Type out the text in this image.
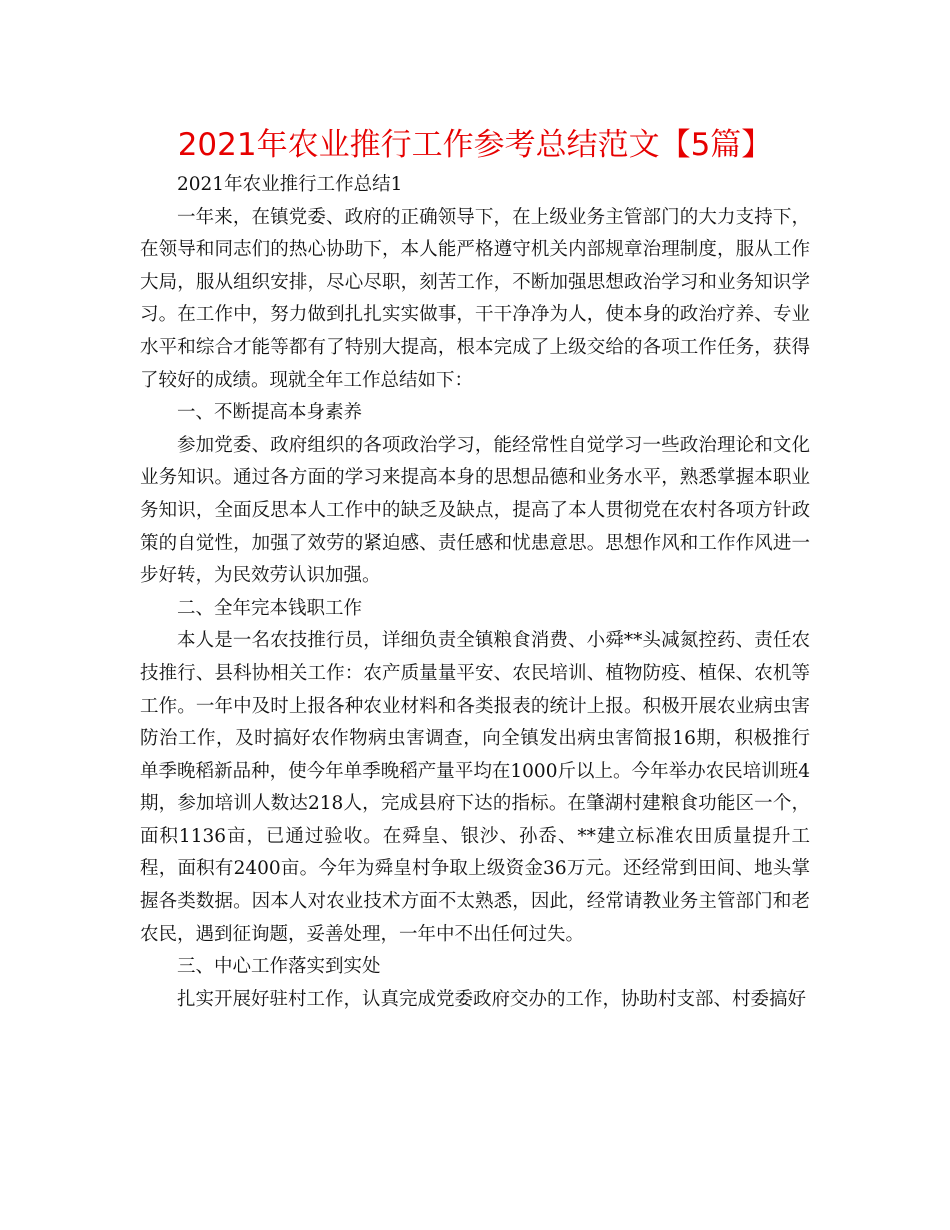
2021年农业推行工作参考总结范文【5篇】

2021年农业推行工作总结1

一年来，在镇党委、政府的正确领导下，在上级业务主管部门的大力支持下，在领导和同志们的热心协助下，本人能严格遵守机关内部规章治理制度，服从工作大局，服从组织安排，尽心尽职，刻苦工作，不断加强思想政治学习和业务知识学习。在工作中，努力做到扎扎实实做事，干干净净为人，使本身的政治疗养、专业水平和综合才能等都有了特别大提高，根本完成了上级交给的各项工作任务，获得了较好的成绩。现就全年工作总结如下：

一、不断提高本身素养

参加党委、政府组织的各项政治学习，能经常性自觉学习一些政治理论和文化业务知识。通过各方面的学习来提高本身的思想品德和业务水平，熟悉掌握本职业务知识，全面反思本人工作中的缺乏及缺点，提高了本人贯彻党在农村各项方针政策的自觉性，加强了效劳的紧迫感、责任感和忧患意思。思想作风和工作作风进一步好转，为民效劳认识加强。

二、全年完本钱职工作

本人是一名农技推行员，详细负责全镇粮食消费、小舜**头减氮控药、责任农技推行、县科协相关工作：农产质量量平安、农民培训、植物防疫、植保、农机等工作。一年中及时上报各种农业材料和各类报表的统计上报。积极开展农业病虫害防治工作，及时搞好农作物病虫害调查，向全镇发出病虫害简报16期，积极推行单季晚稻新品种，使今年单季晚稻产量平均在1000斤以上。今年举办农民培训班4期，参加培训人数达218人，完成县府下达的指标。在肇湖村建粮食功能区一个，面积1136亩，已通过验收。在舜皇、银沙、孙岙、**建立标准农田质量提升工程，面积有2400亩。今年为舜皇村争取上级资金36万元。还经常到田间、地头掌握各类数据。因本人对农业技术方面不太熟悉，因此，经常请教业务主管部门和老农民，遇到征询题，妥善处理，一年中不出任何过失。

三、中心工作落实到实处

扎实开展好驻村工作，认真完成党委政府交办的工作，协助村支部、村委搞好
